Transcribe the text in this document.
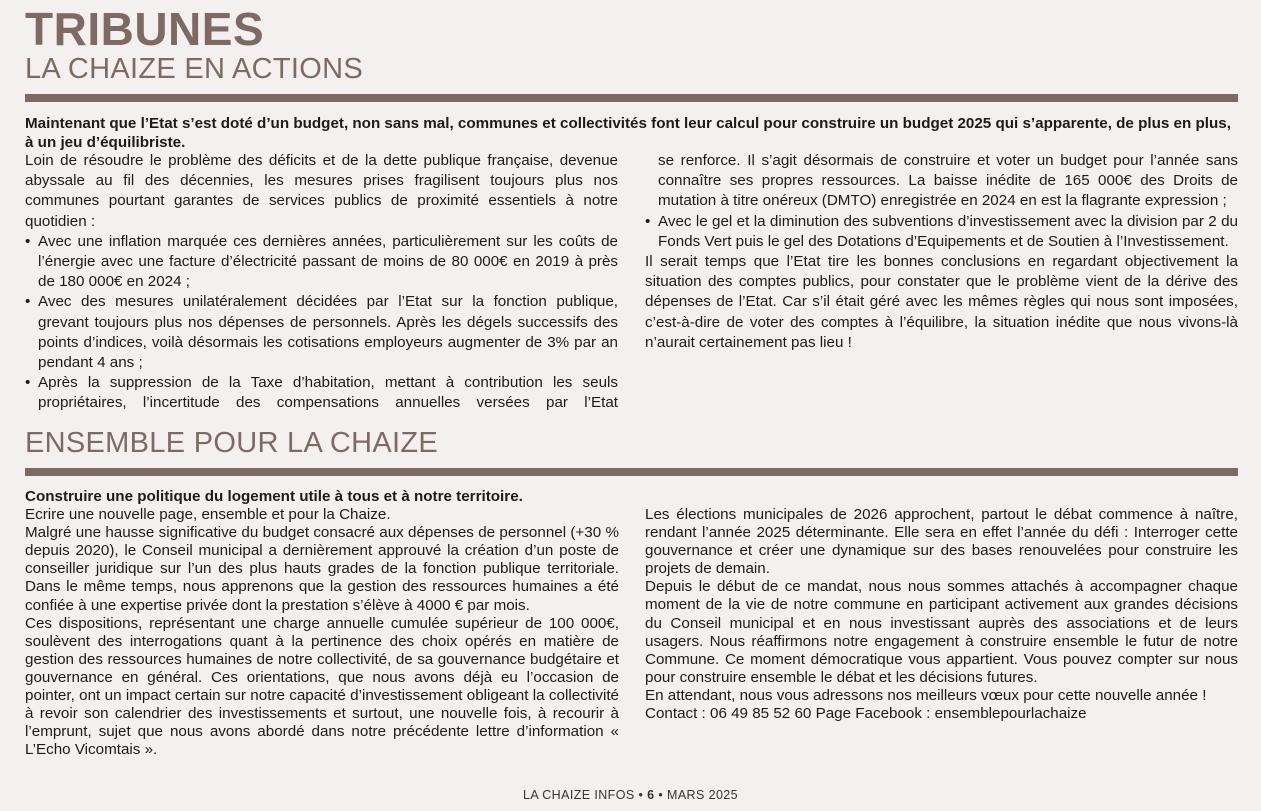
TRIBUNES
LA CHAIZE EN ACTIONS

Maintenant que l’Etat s’est doté d’un budget, non sans mal, communes et collectivités font leur calcul pour construire un budget 2025 qui s’apparente, de plus en plus, à un jeu d’équilibriste.

Loin de résoudre le problème des déficits et de la dette publique française, devenue abyssale au fil des décennies, les mesures prises fragilisent toujours plus nos communes pourtant garantes de services publics de proximité essentiels à notre quotidien :

• Avec une inflation marquée ces dernières années, particulièrement sur les coûts de l’énergie avec une facture d’électricité passant de moins de 80 000€ en 2019 à près de 180 000€ en 2024 ;
• Avec des mesures unilatéralement décidées par l’Etat sur la fonction publique, grevant toujours plus nos dépenses de personnels. Après les dégels successifs des points d’indices, voilà désormais les cotisations employeurs augmenter de 3% par an pendant 4 ans ;
• Après la suppression de la Taxe d’habitation, mettant à contribution les seuls propriétaires, l’incertitude des compensations annuelles versées par l’Etat

se renforce. Il s’agit désormais de construire et voter un budget pour l’année sans connaître ses propres ressources. La baisse inédite de 165 000€ des Droits de mutation à titre onéreux (DMTO) enregistrée en 2024 en est la flagrante expression ;

• Avec le gel et la diminution des subventions d’investissement avec la division par 2 du Fonds Vert puis le gel des Dotations d’Equipements et de Soutien à l’Investissement.

Il serait temps que l’Etat tire les bonnes conclusions en regardant objectivement la situation des comptes publics, pour constater que le problème vient de la dérive des dépenses de l’Etat. Car s’il était géré avec les mêmes règles qui nous sont imposées, c’est-à-dire de voter des comptes à l’équilibre, la situation inédite que nous vivons-là n’aurait certainement pas lieu !

ENSEMBLE POUR LA CHAIZE

Construire une politique du logement utile à tous et à notre territoire.

Ecrire une nouvelle page, ensemble et pour la Chaize.

Malgré une hausse significative du budget consacré aux dépenses de personnel (+30 % depuis 2020), le Conseil municipal a dernièrement approuvé la création d’un poste de conseiller juridique sur l’un des plus hauts grades de la fonction publique territoriale. Dans le même temps, nous apprenons que la gestion des ressources humaines a été confiée à une expertise privée dont la prestation s’élève à 4000 € par mois.

Ces dispositions, représentant une charge annuelle cumulée supérieur de 100 000€, soulèvent des interrogations quant à la pertinence des choix opérés en matière de gestion des ressources humaines de notre collectivité, de sa gouvernance budgétaire et gouvernance en général. Ces orientations, que nous avons déjà eu l’occasion de pointer, ont un impact certain sur notre capacité d’investissement obligeant la collectivité à revoir son calendrier des investissements et surtout, une nouvelle fois, à recourir à l’emprunt, sujet que nous avons abordé dans notre précédente lettre d’information « L’Echo Vicomtais ».

Les élections municipales de 2026 approchent, partout le débat commence à naître, rendant l’année 2025 déterminante. Elle sera en effet l’année du défi : Interroger cette gouvernance et créer une dynamique sur des bases renouvelées pour construire les projets de demain.

Depuis le début de ce mandat, nous nous sommes attachés à accompagner chaque moment de la vie de notre commune en participant activement aux grandes décisions du Conseil municipal et en nous investissant auprès des associations et de leurs usagers. Nous réaffirmons notre engagement à construire ensemble le futur de notre Commune. Ce moment démocratique vous appartient. Vous pouvez compter sur nous pour construire ensemble le débat et les décisions futures.

En attendant, nous vous adressons nos meilleurs vœux pour cette nouvelle année !

Contact : 06 49 85 52 60 Page Facebook : ensemblepourlachaize

LA CHAIZE INFOS • 6 • MARS 2025
